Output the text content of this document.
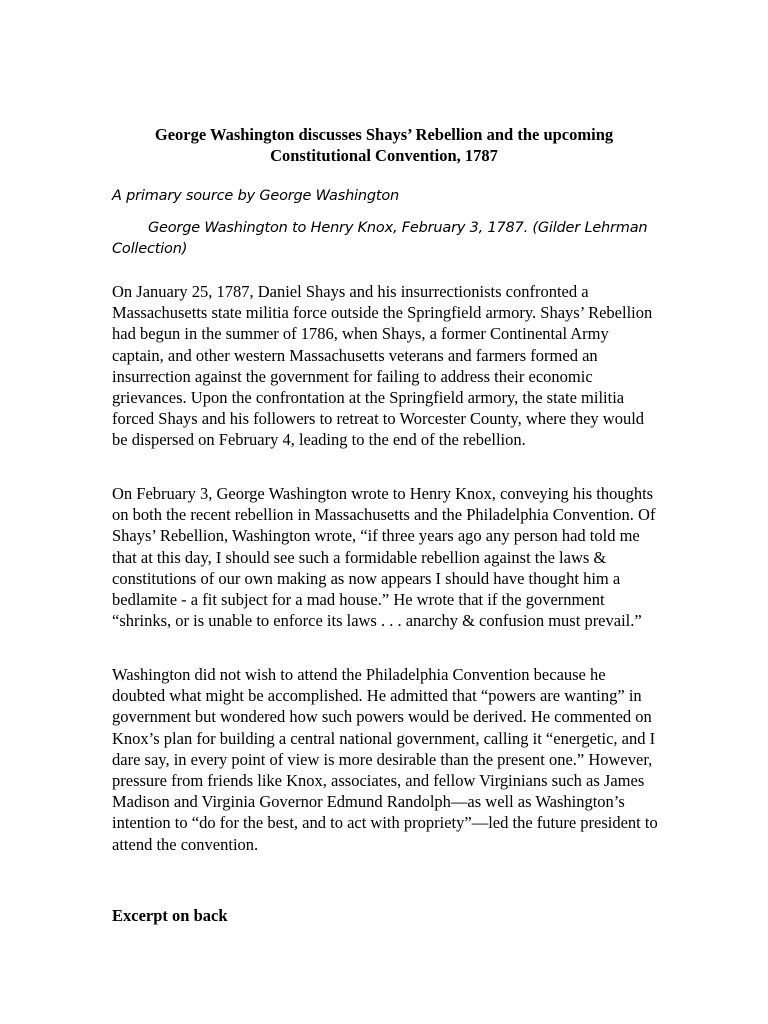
George Washington discusses Shays’ Rebellion and the upcoming Constitutional Convention, 1787
A primary source by George Washington
George Washington to Henry Knox, February 3, 1787. (Gilder Lehrman Collection)

On January 25, 1787, Daniel Shays and his insurrectionists confronted a Massachusetts state militia force outside the Springfield armory. Shays’ Rebellion had begun in the summer of 1786, when Shays, a former Continental Army captain, and other western Massachusetts veterans and farmers formed an insurrection against the government for failing to address their economic grievances. Upon the confrontation at the Springfield armory, the state militia forced Shays and his followers to retreat to Worcester County, where they would be dispersed on February 4, leading to the end of the rebellion.

On February 3, George Washington wrote to Henry Knox, conveying his thoughts on both the recent rebellion in Massachusetts and the Philadelphia Convention. Of Shays’ Rebellion, Washington wrote, “if three years ago any person had told me that at this day, I should see such a formidable rebellion against the laws & constitutions of our own making as now appears I should have thought him a bedlamite - a fit subject for a mad house.” He wrote that if the government “shrinks, or is unable to enforce its laws . . . anarchy & confusion must prevail.”

Washington did not wish to attend the Philadelphia Convention because he doubted what might be accomplished. He admitted that “powers are wanting” in government but wondered how such powers would be derived. He commented on Knox’s plan for building a central national government, calling it “energetic, and I dare say, in every point of view is more desirable than the present one.” However, pressure from friends like Knox, associates, and fellow Virginians such as James Madison and Virginia Governor Edmund Randolph—as well as Washington’s intention to “do for the best, and to act with propriety”—led the future president to attend the convention.

Excerpt on back
